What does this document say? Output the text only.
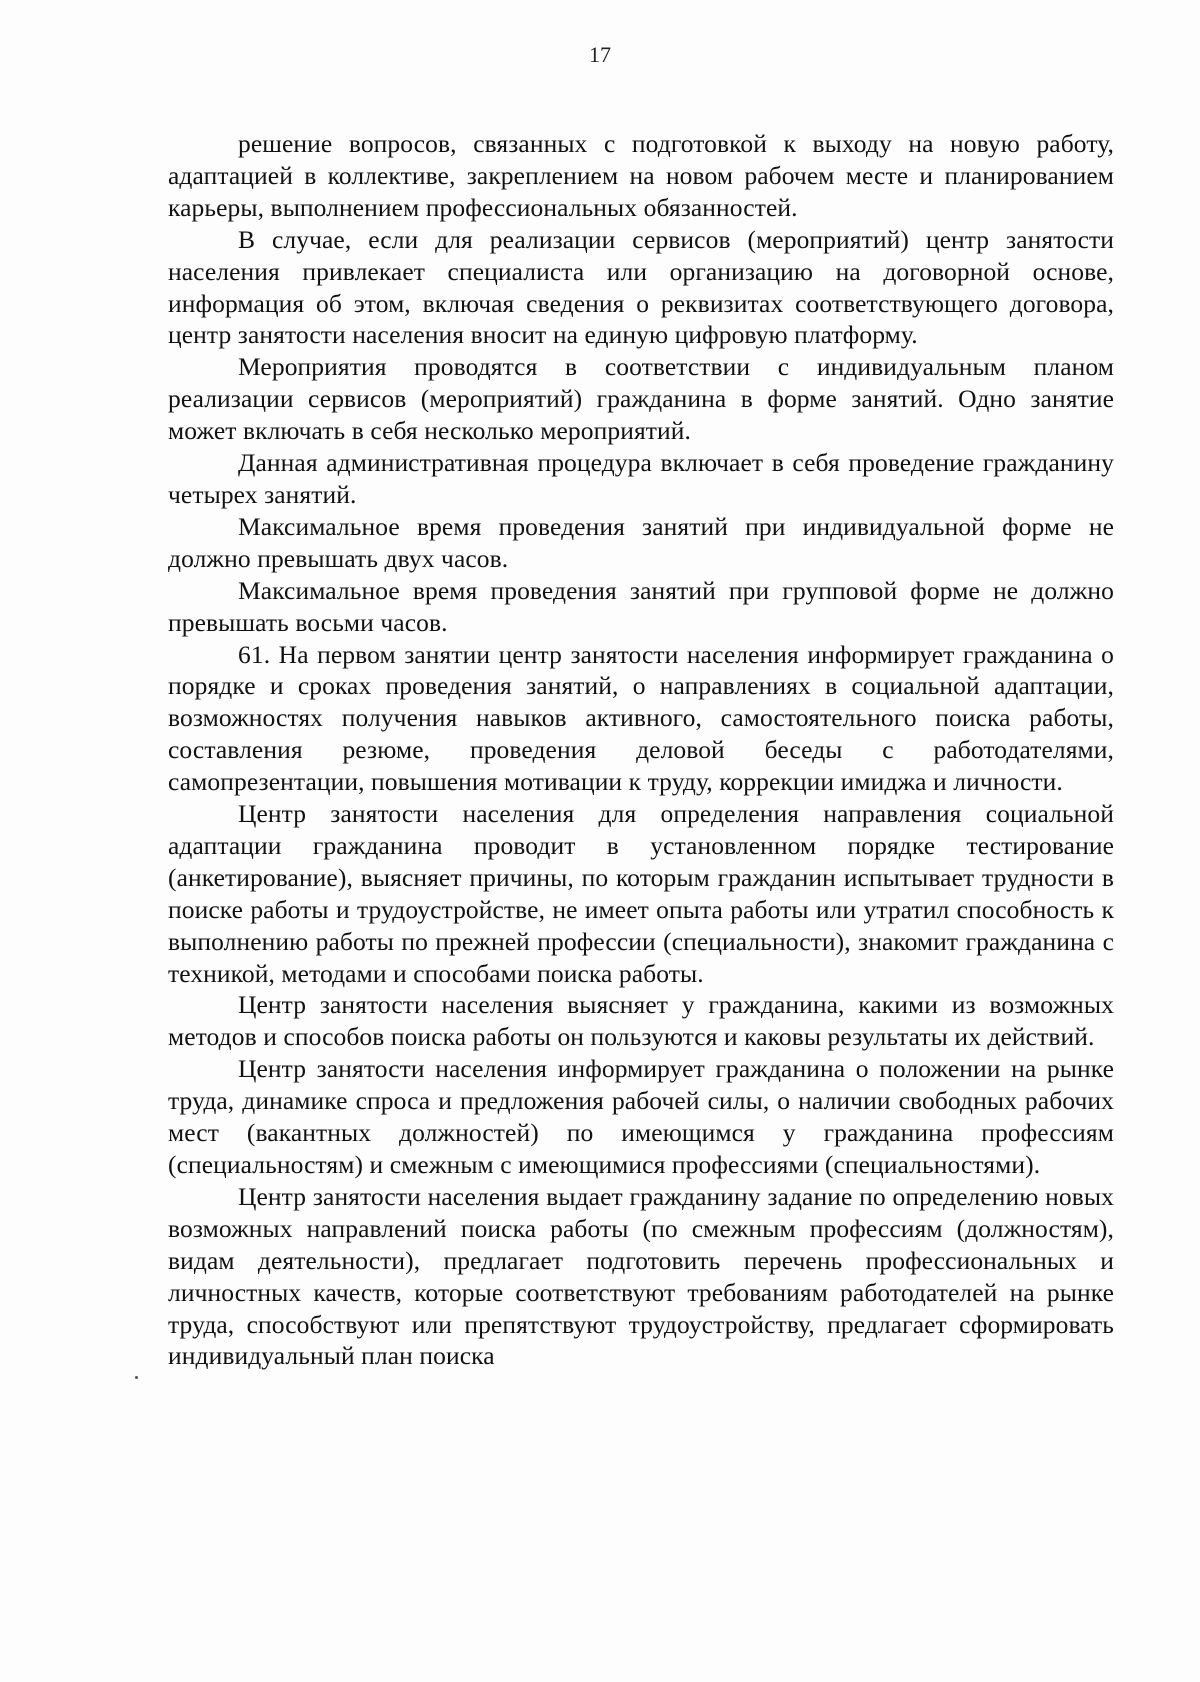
17

решение вопросов, связанных с подготовкой к выходу на новую работу, адаптацией в коллективе, закреплением на новом рабочем месте и планированием карьеры, выполнением профессиональных обязанностей.

В случае, если для реализации сервисов (мероприятий) центр занятости населения привлекает специалиста или организацию на договорной основе, информация об этом, включая сведения о реквизитах соответствующего договора, центр занятости населения вносит на единую цифровую платформу.

Мероприятия проводятся в соответствии с индивидуальным планом реализации сервисов (мероприятий) гражданина в форме занятий. Одно занятие может включать в себя несколько мероприятий.

Данная административная процедура включает в себя проведение гражданину четырех занятий.

Максимальное время проведения занятий при индивидуальной форме не должно превышать двух часов.

Максимальное время проведения занятий при групповой форме не должно превышать восьми часов.

61. На первом занятии центр занятости населения информирует гражданина о порядке и сроках проведения занятий, о направлениях в социальной адаптации, возможностях получения навыков активного, самостоятельного поиска работы, составления резюме, проведения деловой беседы с работодателями, самопрезентации, повышения мотивации к труду, коррекции имиджа и личности.

Центр занятости населения для определения направления социальной адаптации гражданина проводит в установленном порядке тестирование (анкетирование), выясняет причины, по которым гражданин испытывает трудности в поиске работы и трудоустройстве, не имеет опыта работы или утратил способность к выполнению работы по прежней профессии (специальности), знакомит гражданина с техникой, методами и способами поиска работы.

Центр занятости населения выясняет у гражданина, какими из возможных методов и способов поиска работы он пользуются и каковы результаты их действий.

Центр занятости населения информирует гражданина о положении на рынке труда, динамике спроса и предложения рабочей силы, о наличии свободных рабочих мест (вакантных должностей) по имеющимся у гражданина профессиям (специальностям) и смежным с имеющимися профессиями (специальностями).

Центр занятости населения выдает гражданину задание по определению новых возможных направлений поиска работы (по смежным профессиям (должностям), видам деятельности), предлагает подготовить перечень профессиональных и личностных качеств, которые соответствуют требованиям работодателей на рынке труда, способствуют или препятствуют трудоустройству, предлагает сформировать индивидуальный план поиска
